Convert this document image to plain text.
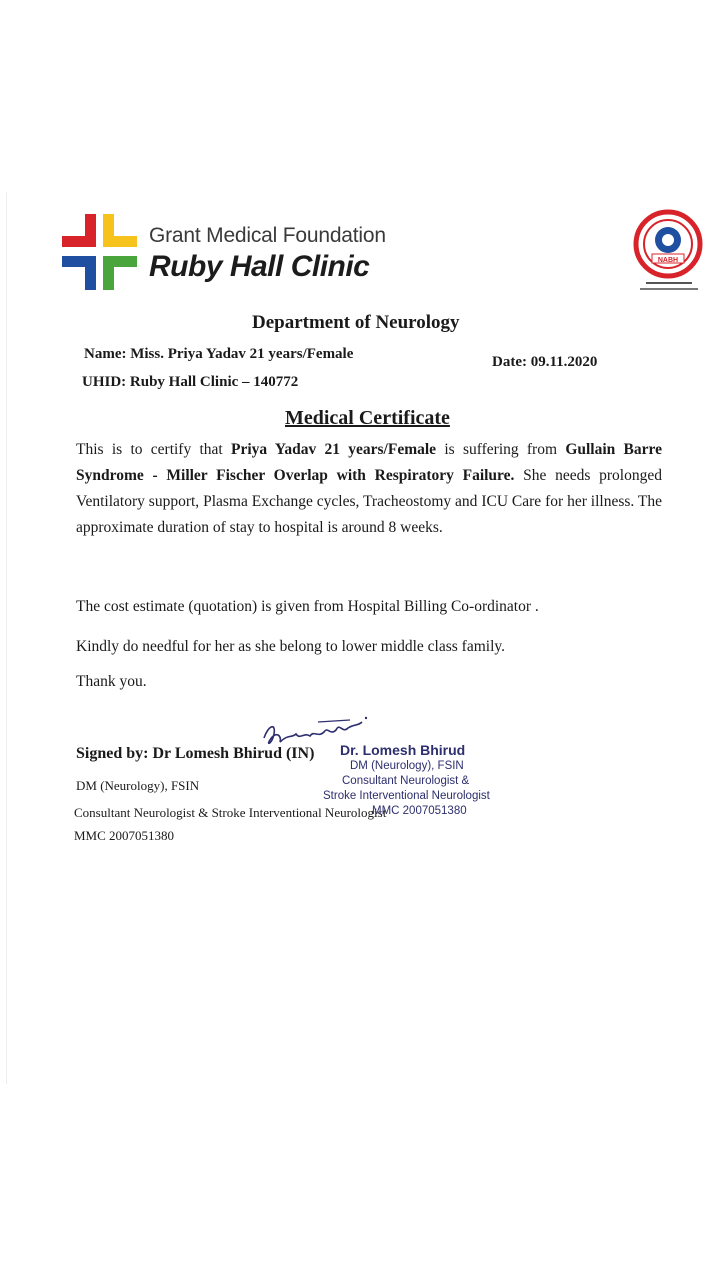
Grant Medical Foundation
Ruby Hall Clinic	NABH
Department of Neurology
Name: Miss. Priya Yadav 21 years/Female	Date: 09.11.2020
UHID: Ruby Hall Clinic – 140772
Medical Certificate
This is to certify that Priya Yadav 21 years/Female is suffering from Gullain Barre Syndrome - Miller Fischer Overlap with Respiratory Failure. She needs prolonged Ventilatory support, Plasma Exchange cycles, Tracheostomy and ICU Care for her illness. The approximate duration of stay to hospital is around 8 weeks.
The cost estimate (quotation) is given from Hospital Billing Co-ordinator .
Kindly do needful for her as she belong to lower middle class family.
Thank you.
Signed by: Dr Lomesh Bhirud (IN)
DM (Neurology), FSIN
Consultant Neurologist & Stroke Interventional Neurologist
MMC 2007051380
Dr. Lomesh Bhirud
DM (Neurology), FSIN
Consultant Neurologist &
Stroke Interventional Neurologist
MMC 2007051380
